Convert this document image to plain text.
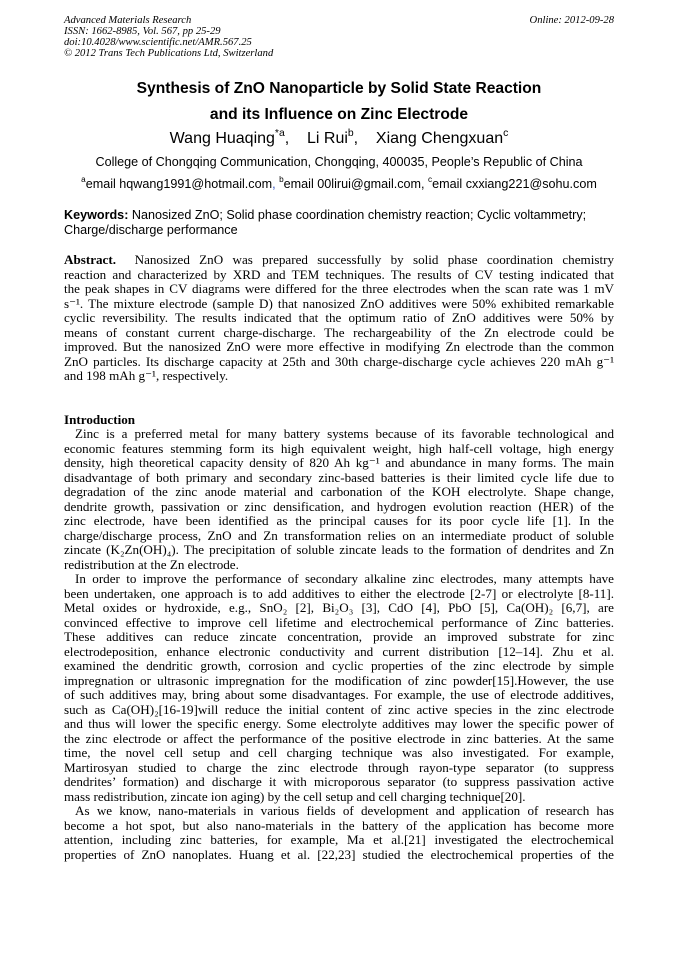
Advanced Materials Research
ISSN: 1662-8985, Vol. 567, pp 25-29
doi:10.4028/www.scientific.net/AMR.567.25
© 2012 Trans Tech Publications Ltd, Switzerland
Online: 2012-09-28
Synthesis of ZnO Nanoparticle by Solid State Reaction
and its Influence on Zinc Electrode
Wang Huaqing$^{*a}$,    Li Rui$^b$,    Xiang Chengxuan$^c$
College of Chongqing Communication, Chongqing, 400035, People’s Republic of China
$^a$email hqwang1991@hotmail.com, $^b$email 00lirui@gmail.com, $^c$email cxxiang221@sohu.com
Keywords: Nanosized ZnO; Solid phase coordination chemistry reaction; Cyclic voltammetry;
Charge/discharge performance
Abstract.  Nanosized ZnO was prepared successfully by solid phase coordination chemistry
reaction and characterized by XRD and TEM techniques. The results of CV testing indicated that
the peak shapes in CV diagrams were differed for the three electrodes when the scan rate was 1 mV
s⁻¹. The mixture electrode (sample D) that nanosized ZnO additives were 50% exhibited remarkable
cyclic reversibility. The results indicated that the optimum ratio of ZnO additives were 50% by
means of constant current charge-discharge. The rechargeability of the Zn electrode could be
improved. But the nanosized ZnO were more effective in modifying Zn electrode than the common
ZnO particles. Its discharge capacity at 25th and 30th charge-discharge cycle achieves 220 mAh g⁻¹
and 198 mAh g⁻¹, respectively.
Introduction
Zinc is a preferred metal for many battery systems because of its favorable technological and
economic features stemming form its high equivalent weight, high half-cell voltage, high energy
density, high theoretical capacity density of 820 Ah kg⁻¹ and abundance in many forms. The main
disadvantage of both primary and secondary zinc-based batteries is their limited cycle life due to
degradation of the zinc anode material and carbonation of the KOH electrolyte. Shape change,
dendrite growth, passivation or zinc densification, and hydrogen evolution reaction (HER) of the
zinc electrode, have been identified as the principal causes for its poor cycle life [1]. In the
charge/discharge process, ZnO and Zn transformation relies on an intermediate product of soluble
zincate (K₂Zn(OH)₄). The precipitation of soluble zincate leads to the formation of dendrites and Zn
redistribution at the Zn electrode.
In order to improve the performance of secondary alkaline zinc electrodes, many attempts have
been undertaken, one approach is to add additives to either the electrode [2-7] or electrolyte [8-11].
Metal oxides or hydroxide, e.g., SnO₂ [2], Bi₂O₃ [3], CdO [4], PbO [5], Ca(OH)₂ [6,7], are
convinced effective to improve cell lifetime and electrochemical performance of Zinc batteries.
These additives can reduce zincate concentration, provide an improved substrate for zinc
electrodeposition, enhance electronic conductivity and current distribution [12–14]. Zhu et al.
examined the dendritic growth, corrosion and cyclic properties of the zinc electrode by simple
impregnation or ultrasonic impregnation for the modification of zinc powder[15].However, the use
of such additives may, bring about some disadvantages. For example, the use of electrode additives,
such as Ca(OH)₂[16-19]will reduce the initial content of zinc active species in the zinc electrode
and thus will lower the specific energy. Some electrolyte additives may lower the specific power of
the zinc electrode or affect the performance of the positive electrode in zinc batteries. At the same
time, the novel cell setup and cell charging technique was also investigated. For example,
Martirosyan studied to charge the zinc electrode through rayon-type separator (to suppress
dendrites’ formation) and discharge it with microporous separator (to suppress passivation active
mass redistribution, zincate ion aging) by the cell setup and cell charging technique[20].
As we know, nano-materials in various fields of development and application of research has
become a hot spot, but also nano-materials in the battery of the application has become more
attention, including zinc batteries, for example, Ma et al.[21] investigated the electrochemical
properties of ZnO nanoplates. Huang et al. [22,23] studied the electrochemical properties of the
